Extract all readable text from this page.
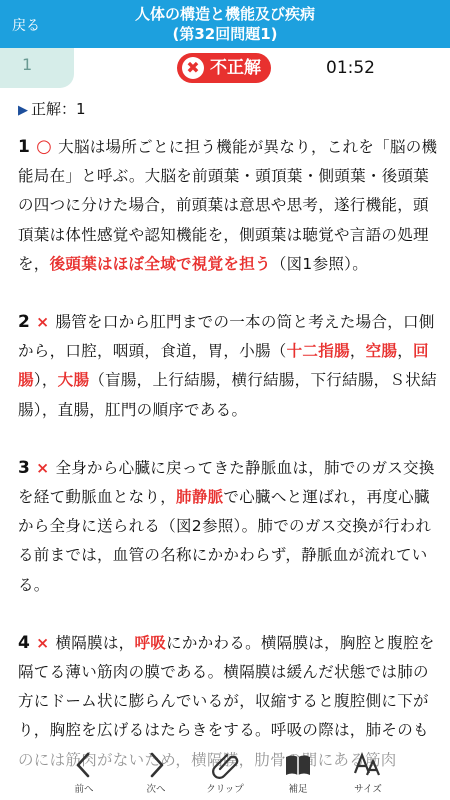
戻る
人体の構造と機能及び疾病
(第32回問題1)
1	✖ 不正解	01:52
▶ 正解：1

1 ○ 大脳は場所ごとに担う機能が異なり，これを「脳の機能局在」と呼ぶ。大脳を前頭葉・頭頂葉・側頭葉・後頭葉の四つに分けた場合，前頭葉は意思や思考，遂行機能，頭頂葉は体性感覚や認知機能を，側頭葉は聴覚や言語の処理を，後頭葉はほぼ全域で視覚を担う（図1参照）。

2 × 腸管を口から肛門までの一本の筒と考えた場合，口側から，口腔，咽頭，食道，胃，小腸（十二指腸，空腸，回腸），大腸（盲腸，上行結腸，横行結腸，下行結腸，Ｓ状結腸），直腸，肛門の順序である。

3 × 全身から心臓に戻ってきた静脈血は，肺でのガス交換を経て動脈血となり，肺静脈で心臓へと運ばれ，再度心臓から全身に送られる（図2参照）。肺でのガス交換が行われる前までは，血管の名称にかかわらず，静脈血が流れている。

4 × 横隔膜は，呼吸にかかわる。横隔膜は，胸腔と腹腔を隔てる薄い筋肉の膜である。横隔膜は緩んだ状態では肺の方にドーム状に膨らんでいるが，収縮すると腹腔側に下がり，胸腔を広げるはたらきをする。呼吸の際は，肺そのも

前へ	次へ	クリップ	補足	サイズ
